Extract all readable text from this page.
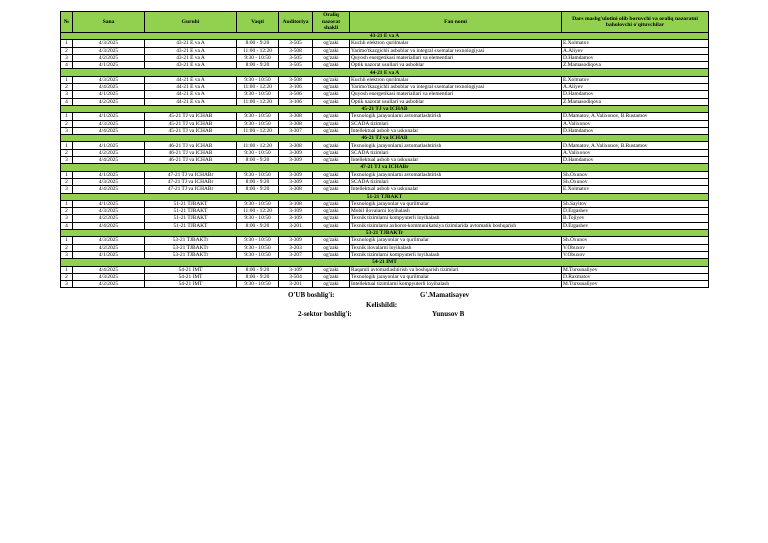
№	Sana	Guruhi	Vaqti	Auditoriya	Oraliq nazorat shakli	Fan nomi	Dars mashg'ulotini olib boruvchi va oraliq nazoratni baholovchi o'qituvchilar
43-21 E va A							
1	4/3/2025	43-21 E va A	8:00 - 9:20	3-505	og'zaki	Kuchli elektron qurilmalar	E.Xolmatov
2	4/3/2025	43-21 E va A	11:00 - 12:20	3-508	og'zaki	Yarimo'tkazgichli asboblar va integral sxemalar texnologiyasi	A.Aliyev
3	4/2/2025	43-21 E va A	9:30 - 10:50	3-505	og'zaki	Quyosh energetikasi materiallari va elementlari	D.Hamdamov
4	4/1/2025	43-21 E va A	8:00 - 9:20	3-505	og'zaki	Optik nazorat usullari va asboblar	Z.Mamasodiqova
44-21 E va A							
1	4/3/2025	44-21 E va A	9:30 - 10:50	3-508	og'zaki	Kuchli elektron qurilmalar	E.Xolmatov
2	4/4/2025	44-21 E va A	11:00 - 12:20	3-106	og'zaki	Yarimo'tkazgichli asboblar va integral sxemalar texnologiyasi	A.Aliyev
3	4/1/2025	44-21 E va A	9:30 - 10:50	3-506	og'zaki	Quyosh energetikasi materiallari va elementlari	D.Hamdamov
4	4/2/2025	44-21 E va A	11:00 - 12:20	3-106	og'zaki	Optik nazorat usullari va asboblar	Z.Mamasodiqova
45-21 TJ va ICHAB							
1	4/1/2025	45-21 TJ va ICHAB	9:30 - 10:50	3-308	og'zaki	Texnologik jarayonlarni avtomatlashtirish	D.Mamatov, A.Valixonov, B.Rustamov
2	4/3/2025	45-21 TJ va ICHAB	9:30 - 10:50	3-308	og'zaki	SCADA tizimlari	A.Valixonov
3	4/4/2025	45-21 TJ va ICHAB	11:00 - 12:20	3-307	og'zaki	Intellektual asbob va uskunalar	D.Hamdamov
46-21 TJ va ICHAB							
1	4/1/2025	46-21 TJ va ICHAB	11:00 - 12:20	3-308	og'zaki	Texnologik jarayonlarni avtomatlashtirish	D.Mamatov, A.Valixonov, B.Rustamov
2	4/2/2025	46-21 TJ va ICHAB	9:30 - 10:50	3-309	og'zaki	SCADA tizimlari	A.Valixonov
3	4/4/2025	46-21 TJ va ICHAB	8:00 - 9:20	3-309	og'zaki	Intellektual asbob va uskunalar	D.Hamdamov
47-21 TJ va ICHABr							
1	4/1/2025	47-21 TJ va ICHABr	9:30 - 10:50	3-309	og'zaki	Texnologik jarayonlarni avtomatlashtirish	Sh.Oxunov
2	4/3/2025	47-21 TJ va ICHABr	8:00 - 9:20	3-309	og'zaki	SCADA tizimlari	Sh.Oxunov
3	4/4/2025	47-21 TJ va ICHABr	8:00 - 9:20	3-308	og'zaki	Intellektual asbob va uskunalar	E.Xolmatov
51-21 TJBAKT							
1	4/1/2025	51-21 TJBAKT	9:30 - 10:50	3-108	og'zaki	Texnologik jarayonlar va qurilmalar	Sh.Sayitov
2	4/3/2025	51-21 TJBAKT	11:00 - 12:20	3-109	og'zaki	Mobil ilovalarni loyihalash	D.Ergashev
3	4/2/2025	51-21 TJBAKT	9:30 - 10:50	3-109	og'zaki	Texnik tizimlarni kompyuterli loyihalash	B.Tojiyev
4	4/4/2025	51-21 TJBAKT	8:00 - 9:20	3-201	og'zaki	Texnik tizimlarni axborot-kommunikatsiya tizimlarida avtomatik boshqarish	D.Ergashev
53-21 TJBAKTr							
1	4/3/2025	53-21 TJBAKTr	9:30 - 10:50	3-309	og'zaki	Texnologik jarayonlar va qurilmalar	Sh.Oxunov
2	4/2/2025	53-21 TJBAKTr	9:30 - 10:50	3-203	og'zaki	Texnik ilovalarni loyihalash	V.Obuxov
3	4/1/2025	53-21 TJBAKTr	9:30 - 10:50	3-207	og'zaki	Texnik tizimlarni kompyuterli loyihalash	V.Obuxov
54-21 IMT							
1	4/4/2025	54-21 IMT	8:00 - 9:20	3-109	og'zaki	Raqamli avtomatlashtirish va boshqarish tizimlari	M.Tursunaliyev
2	4/3/2025	54-21 IMT	8:00 - 9:20	3-504	og'zaki	Texnologik jarayonlar va qurilmalar	D.Raxmatov
3	4/2/2025	54-21 IMT	9:30 - 10:50	3-201	og'zaki	Intellektual tizimlarni kompyuterli loyihalash	M.Tursunaliyev
O'UB boshlig'i:	G'.Mamatisayev
Kelishildi:
2-sektor boshlig'i:	Yunusov B
